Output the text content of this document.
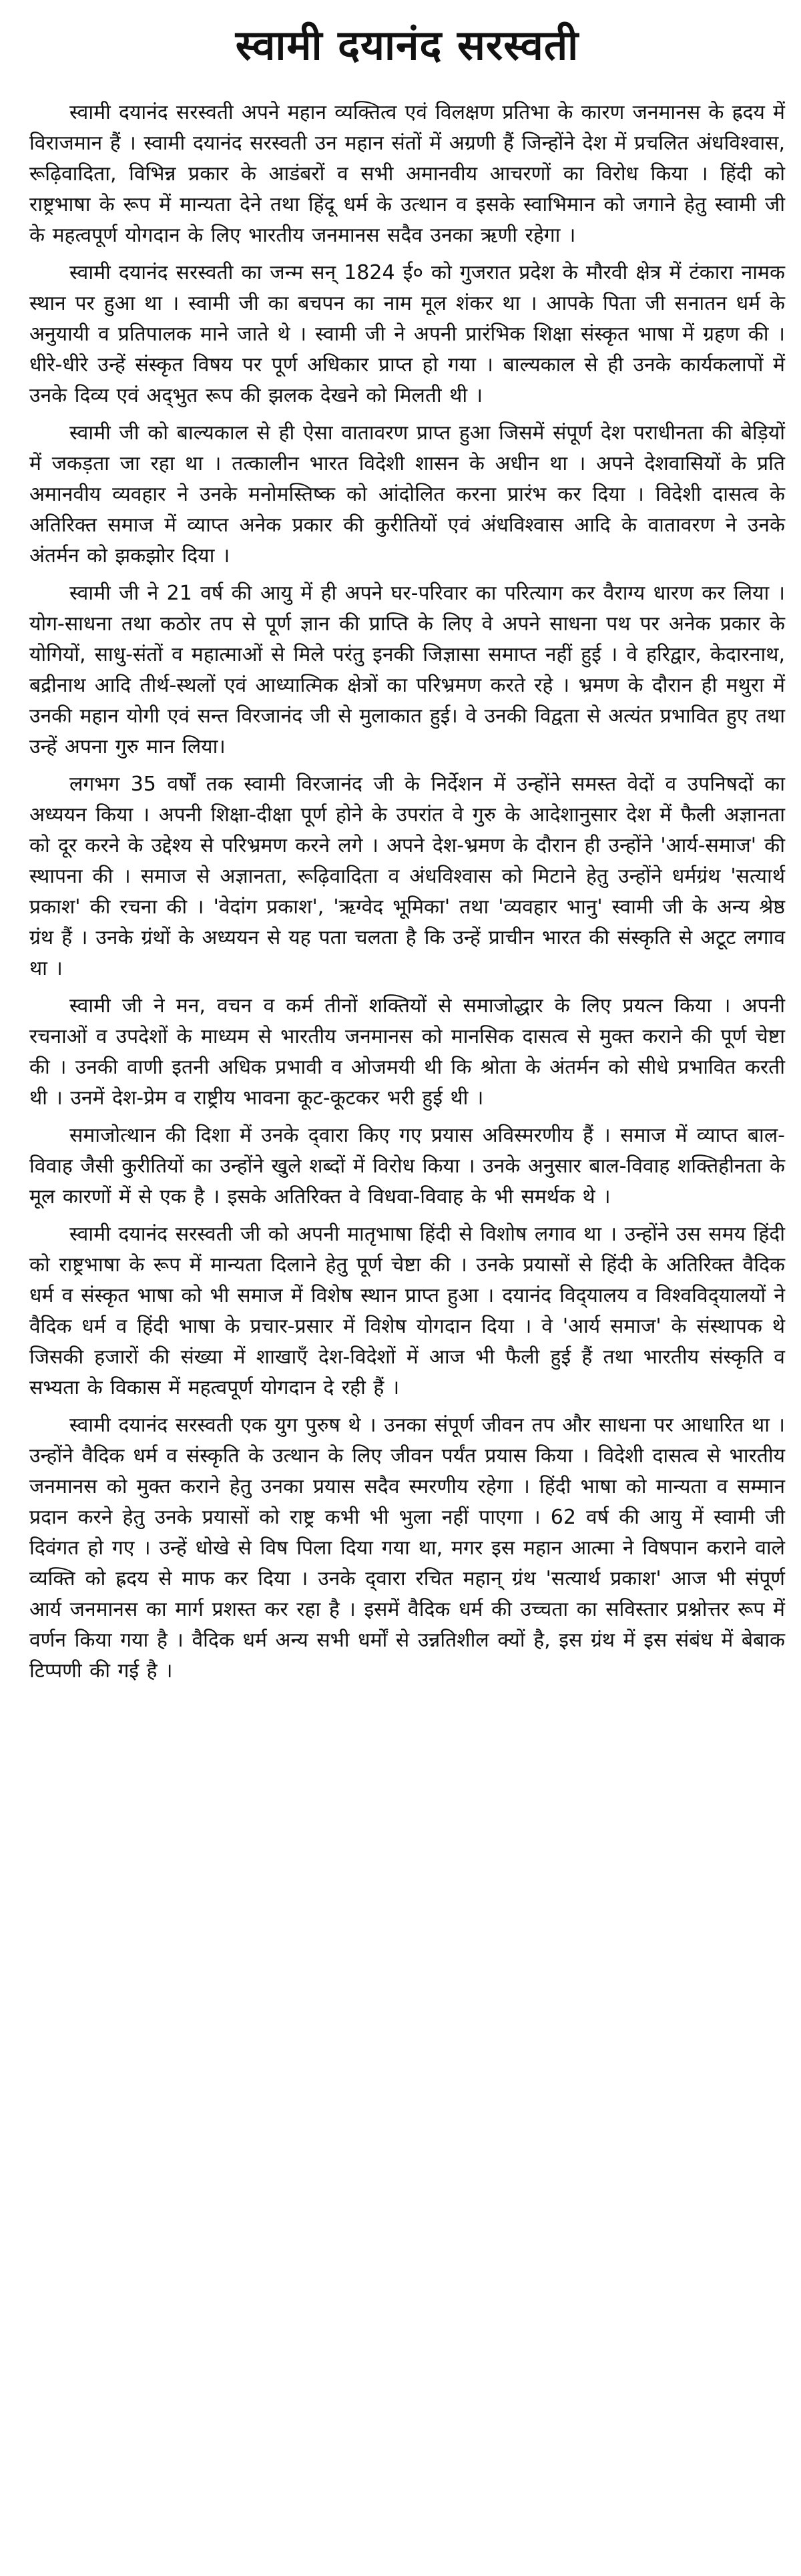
स्वामी दयानंद सरस्वती

स्वामी दयानंद सरस्वती अपने महान व्यक्तित्व एवं विलक्षण प्रतिभा के कारण जनमानस के ह्रदय में विराजमान हैं । स्वामी दयानंद सरस्वती उन महान संतों में अग्रणी हैं जिन्होंने देश में प्रचलित अंधविश्वास, रूढ़िवादिता, विभिन्न प्रकार के आडंबरों व सभी अमानवीय आचरणों का विरोध किया । हिंदी को राष्ट्रभाषा के रूप में मान्यता देने तथा हिंदू धर्म के उत्थान व इसके स्वाभिमान को जगाने हेतु स्वामी जी के महत्वपूर्ण योगदान के लिए भारतीय जनमानस सदैव उनका ऋणी रहेगा ।

स्वामी दयानंद सरस्वती का जन्म सन् 1824 ई० को गुजरात प्रदेश के मौरवी क्षेत्र में टंकारा नामक स्थान पर हुआ था । स्वामी जी का बचपन का नाम मूल शंकर था । आपके पिता जी सनातन धर्म के अनुयायी व प्रतिपालक माने जाते थे । स्वामी जी ने अपनी प्रारंभिक शिक्षा संस्कृत भाषा में ग्रहण की । धीरे-धीरे उन्हें संस्कृत विषय पर पूर्ण अधिकार प्राप्त हो गया । बाल्यकाल से ही उनके कार्यकलापों में उनके दिव्य एवं अद्‌भुत रूप की झलक देखने को मिलती थी ।

स्वामी जी को बाल्यकाल से ही ऐसा वातावरण प्राप्त हुआ जिसमें संपूर्ण देश पराधीनता की बेड़ियों में जकड़ता जा रहा था । तत्कालीन भारत विदेशी शासन के अधीन था । अपने देशवासियों के प्रति अमानवीय व्यवहार ने उनके मनोमस्तिष्क को आंदोलित करना प्रारंभ कर दिया । विदेशी दासत्व के अतिरिक्त समाज में व्याप्त अनेक प्रकार की कुरीतियों एवं अंधविश्वास आदि के वातावरण ने उनके अंतर्मन को झकझोर दिया ।

स्वामी जी ने 21 वर्ष की आयु में ही अपने घर-परिवार का परित्याग कर वैराग्य धारण कर लिया । योग-साधना तथा कठोर तप से पूर्ण ज्ञान की प्राप्ति के लिए वे अपने साधना पथ पर अनेक प्रकार के योगियों, साधु-संतों व महात्माओं से मिले परंतु इनकी जिज्ञासा समाप्त नहीं हुई । वे हरिद्वार, केदारनाथ, बद्रीनाथ आदि तीर्थ-स्थलों एवं आध्यात्मिक क्षेत्रों का परिभ्रमण करते रहे । भ्रमण के दौरान ही मथुरा में उनकी महान योगी एवं सन्त विरजानंद जी से मुलाकात हुई। वे उनकी विद्वता से अत्यंत प्रभावित हुए तथा उन्हें अपना गुरु मान लिया।

लगभग 35 वर्षों तक स्वामी विरजानंद जी के निर्देशन में उन्होंने समस्त वेदों व उपनिषदों का अध्ययन किया । अपनी शिक्षा-दीक्षा पूर्ण होने के उपरांत वे गुरु के आदेशानुसार देश में फैली अज्ञानता को दूर करने के उद्देश्य से परिभ्रमण करने लगे । अपने देश-भ्रमण के दौरान ही उन्होंने 'आर्य-समाज' की स्थापना की । समाज से अज्ञानता, रूढ़िवादिता व अंधविश्वास को मिटाने हेतु उन्होंने धर्मग्रंथ 'सत्यार्थ प्रकाश' की रचना की । 'वेदांग प्रकाश', 'ऋग्वेद भूमिका' तथा 'व्यवहार भानु' स्वामी जी के अन्य श्रेष्ठ ग्रंथ हैं । उनके ग्रंथों के अध्ययन से यह पता चलता है कि उन्हें प्राचीन भारत की संस्कृति से अटूट लगाव था ।

स्वामी जी ने मन, वचन व कर्म तीनों शक्तियों से समाजोद्धार के लिए प्रयत्न किया । अपनी रचनाओं व उपदेशों के माध्यम से भारतीय जनमानस को मानसिक दासत्व से मुक्त कराने की पूर्ण चेष्टा की । उनकी वाणी इतनी अधिक प्रभावी व ओजमयी थी कि श्रोता के अंतर्मन को सीधे प्रभावित करती थी । उनमें देश-प्रेम व राष्ट्रीय भावना कूट-कूटकर भरी हुई थी ।

समाजोत्थान की दिशा में उनके द्‌वारा किए गए प्रयास अविस्मरणीय हैं । समाज में व्याप्त बाल-विवाह जैसी कुरीतियों का उन्होंने खुले शब्दों में विरोध किया । उनके अनुसार बाल-विवाह शक्तिहीनता के मूल कारणों में से एक है । इसके अतिरिक्त वे विधवा-विवाह के भी समर्थक थे ।

स्वामी दयानंद सरस्वती जी को अपनी मातृभाषा हिंदी से विशोष लगाव था । उन्होंने उस समय हिंदी को राष्ट्रभाषा के रूप में मान्यता दिलाने हेतु पूर्ण चेष्टा की । उनके प्रयासों से हिंदी के अतिरिक्त वैदिक धर्म व संस्कृत भाषा को भी समाज में विशेष स्थान प्राप्त हुआ । दयानंद विद्‌यालय व विश्वविद्‌यालयों ने वैदिक धर्म व हिंदी भाषा के प्रचार-प्रसार में विशेष योगदान दिया । वे 'आर्य समाज' के संस्थापक थे जिसकी हजारों की संख्या में शाखाएँ देश-विदेशों में आज भी फैली हुई हैं तथा भारतीय संस्कृति व सभ्यता के विकास में महत्वपूर्ण योगदान दे रही हैं ।

स्वामी दयानंद सरस्वती एक युग पुरुष थे । उनका संपूर्ण जीवन तप और साधना पर आधारित था । उन्होंने वैदिक धर्म व संस्कृति के उत्थान के लिए जीवन पर्यंत प्रयास किया । विदेशी दासत्व से भारतीय जनमानस को मुक्त कराने हेतु उनका प्रयास सदैव स्मरणीय रहेगा । हिंदी भाषा को मान्यता व सम्मान प्रदान करने हेतु उनके प्रयासों को राष्ट्र कभी भी भुला नहीं पाएगा । 62 वर्ष की आयु में स्वामी जी दिवंगत हो गए । उन्हें धोखे से विष पिला दिया गया था, मगर इस महान आत्मा ने विषपान कराने वाले व्यक्ति को ह्रदय से माफ कर दिया । उनके द्‌वारा रचित महान् ग्रंथ 'सत्यार्थ प्रकाश' आज भी संपूर्ण आर्य जनमानस का मार्ग प्रशस्त कर रहा है । इसमें वैदिक धर्म की उच्चता का सविस्तार प्रश्नोत्तर रूप में वर्णन किया गया है । वैदिक धर्म अन्य सभी धर्मों से उन्नतिशील क्यों है, इस ग्रंथ में इस संबंध में बेबाक टिप्पणी की गई है ।
